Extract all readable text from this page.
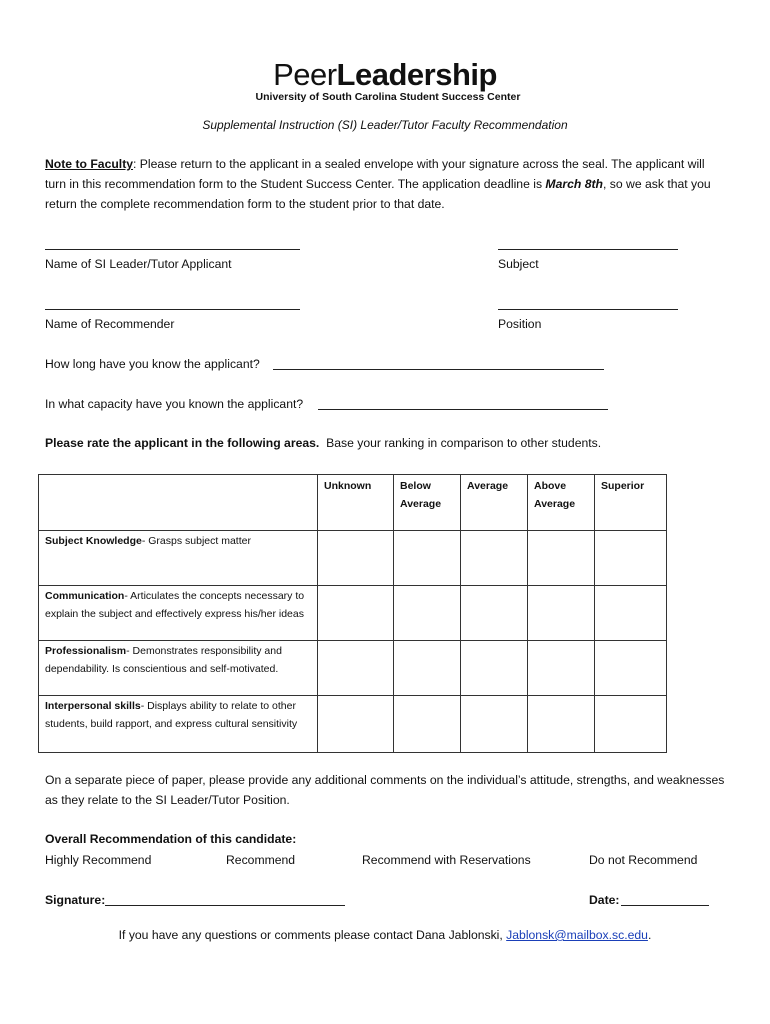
PeerLeadership
University of South Carolina Student Success Center
Supplemental Instruction (SI) Leader/Tutor Faculty Recommendation
Note to Faculty: Please return to the applicant in a sealed envelope with your signature across the seal. The applicant will turn in this recommendation form to the Student Success Center. The application deadline is March 8th, so we ask that you return the complete recommendation form to the student prior to that date.
Name of SI Leader/Tutor Applicant	Subject
Name of Recommender	Position
How long have you know the applicant?
In what capacity have you known the applicant?
Please rate the applicant in the following areas. Base your ranking in comparison to other students.
	Unknown	Below Average	Average	Above Average	Superior
Subject Knowledge- Grasps subject matter					
Communication- Articulates the concepts necessary to explain the subject and effectively express his/her ideas					
Professionalism- Demonstrates responsibility and dependability. Is conscientious and self-motivated.					
Interpersonal skills- Displays ability to relate to other students, build rapport, and express cultural sensitivity					
On a separate piece of paper, please provide any additional comments on the individual’s attitude, strengths, and weaknesses as they relate to the SI Leader/Tutor Position.
Overall Recommendation of this candidate:
Highly Recommend	Recommend	Recommend with Reservations	Do not Recommend
Signature:	Date:
If you have any questions or comments please contact Dana Jablonski, Jablonsk@mailbox.sc.edu.
